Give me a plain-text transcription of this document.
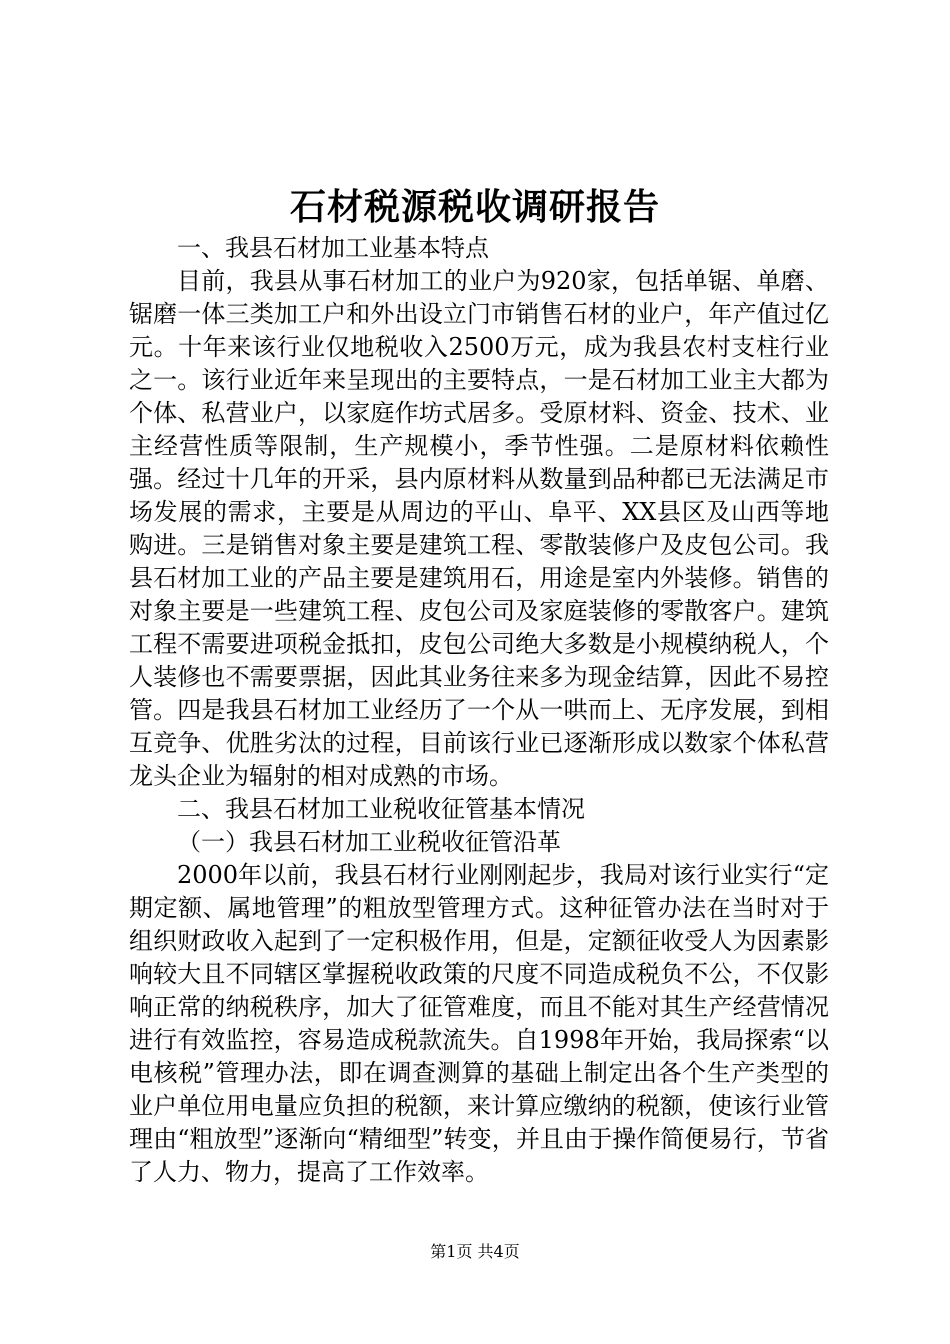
石材税源税收调研报告

一、我县石材加工业基本特点

目前，我县从事石材加工的业户为920家，包括单锯、单磨、锯磨一体三类加工户和外出设立门市销售石材的业户，年产值过亿元。十年来该行业仅地税收入2500万元，成为我县农村支柱行业之一。该行业近年来呈现出的主要特点，一是石材加工业主大都为个体、私营业户，以家庭作坊式居多。受原材料、资金、技术、业主经营性质等限制，生产规模小，季节性强。二是原材料依赖性强。经过十几年的开采，县内原材料从数量到品种都已无法满足市场发展的需求，主要是从周边的平山、阜平、XX县区及山西等地购进。三是销售对象主要是建筑工程、零散装修户及皮包公司。我县石材加工业的产品主要是建筑用石，用途是室内外装修。销售的对象主要是一些建筑工程、皮包公司及家庭装修的零散客户。建筑工程不需要进项税金抵扣，皮包公司绝大多数是小规模纳税人，个人装修也不需要票据，因此其业务往来多为现金结算，因此不易控管。四是我县石材加工业经历了一个从一哄而上、无序发展，到相互竞争、优胜劣汰的过程，目前该行业已逐渐形成以数家个体私营龙头企业为辐射的相对成熟的市场。

二、我县石材加工业税收征管基本情况

（一）我县石材加工业税收征管沿革

2000年以前，我县石材行业刚刚起步，我局对该行业实行“定期定额、属地管理”的粗放型管理方式。这种征管办法在当时对于组织财政收入起到了一定积极作用，但是，定额征收受人为因素影响较大且不同辖区掌握税收政策的尺度不同造成税负不公，不仅影响正常的纳税秩序，加大了征管难度，而且不能对其生产经营情况进行有效监控，容易造成税款流失。自1998年开始，我局探索“以电核税”管理办法，即在调查测算的基础上制定出各个生产类型的业户单位用电量应负担的税额，来计算应缴纳的税额，使该行业管理由“粗放型”逐渐向“精细型”转变，并且由于操作简便易行，节省了人力、物力，提高了工作效率。

第1页 共4页
